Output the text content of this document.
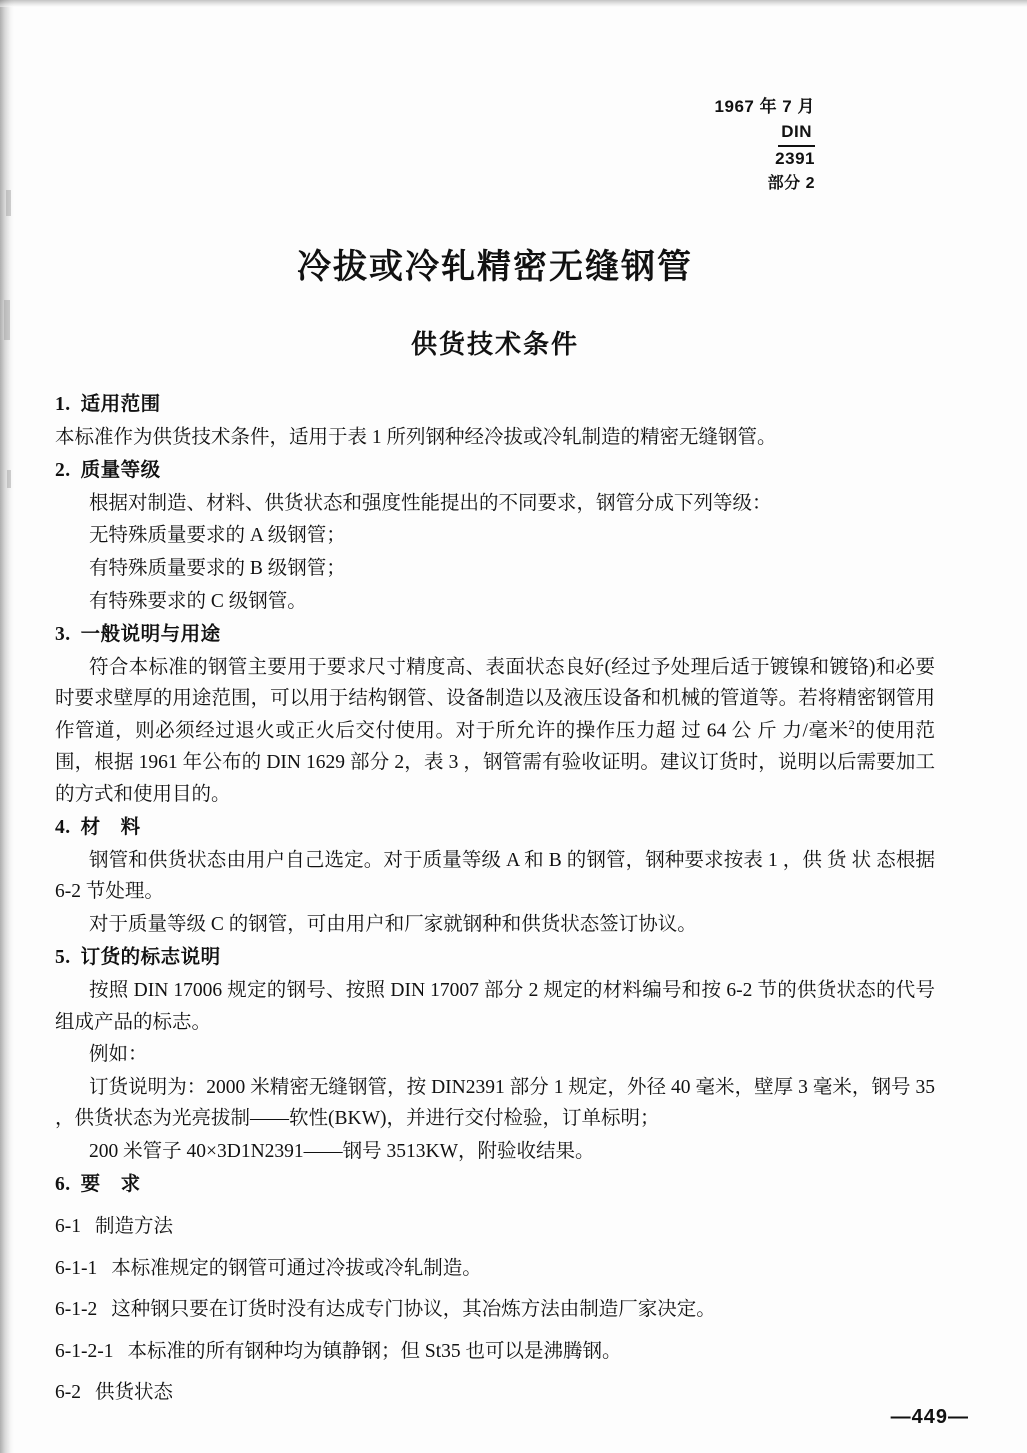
1967 年 7 月
DIN
2391
部分 2
冷拔或冷轧精密无缝钢管
供货技术条件
1. 适用范围
本标准作为供货技术条件，适用于表 1 所列钢种经冷拔或冷轧制造的精密无缝钢管。
2. 质量等级
根据对制造、材料、供货状态和强度性能提出的不同要求，钢管分成下列等级：
无特殊质量要求的 A 级钢管；
有特殊质量要求的 B 级钢管；
有特殊要求的 C 级钢管。
3. 一般说明与用途
符合本标准的钢管主要用于要求尺寸精度高、表面状态良好(经过予处理后适于镀镍和镀铬)和必要时要求壁厚的用途范围，可以用于结构钢管、设备制造以及液压设备和机械的管道等。若将精密钢管用作管道，则必须经过退火或正火后交付使用。对于所允许的操作压力超 过 64 公 斤 力/毫米$^2$的使用范围，根据 1961 年公布的 DIN 1629 部分 2，表 3 ，钢管需有验收证明。建议订货时，说明以后需要加工的方式和使用目的。
4. 材　料
钢管和供货状态由用户自己选定。对于质量等级 A 和 B 的钢管，钢种要求按表 1 ，供 货 状 态根据 6-2 节处理。
对于质量等级 C 的钢管，可由用户和厂家就钢种和供货状态签订协议。
5. 订货的标志说明
按照 DIN 17006 规定的钢号、按照 DIN 17007 部分 2 规定的材料编号和按 6-2 节的供货状态的代号组成产品的标志。
例如：
订货说明为：2000 米精密无缝钢管，按 DIN2391 部分 1 规定，外径 40 毫米，壁厚 3 毫米，钢号 35 ，供货状态为光亮拔制——软性(BKW)，并进行交付检验，订单标明；
200 米管子 40×3D1N2391——钢号 3513KW，附验收结果。
6. 要　求
6-1 制造方法
6-1-1 本标准规定的钢管可通过冷拔或冷轧制造。
6-1-2 这种钢只要在订货时没有达成专门协议，其冶炼方法由制造厂家决定。
6-1-2-1 本标准的所有钢种均为镇静钢；但 St35 也可以是沸腾钢。
6-2 供货状态
—449—
